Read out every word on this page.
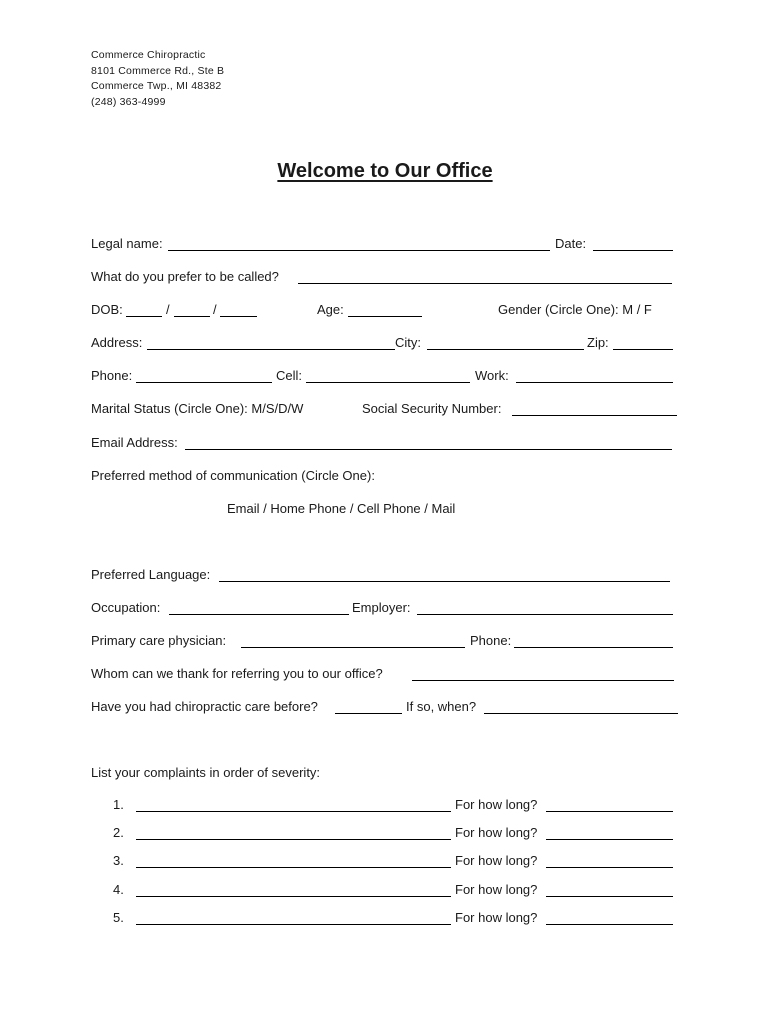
Commerce Chiropractic
8101 Commerce Rd., Ste B
Commerce Twp., MI 48382
(248) 363-4999
Welcome to Our Office
Legal name:	Date:
What do you prefer to be called?
DOB:	/	/	Age:	Gender (Circle One): M / F
Address:	City:	Zip:
Phone:	Cell:	Work:
Marital Status (Circle One): M/S/D/W	Social Security Number:
Email Address:
Preferred method of communication (Circle One):
Email / Home Phone / Cell Phone / Mail
Preferred Language:
Occupation:	Employer:
Primary care physician:	Phone:
Whom can we thank for referring you to our office?
Have you had chiropractic care before?	If so, when?
List your complaints in order of severity:
1.	For how long?
2.	For how long?
3.	For how long?
4.	For how long?
5.	For how long?
